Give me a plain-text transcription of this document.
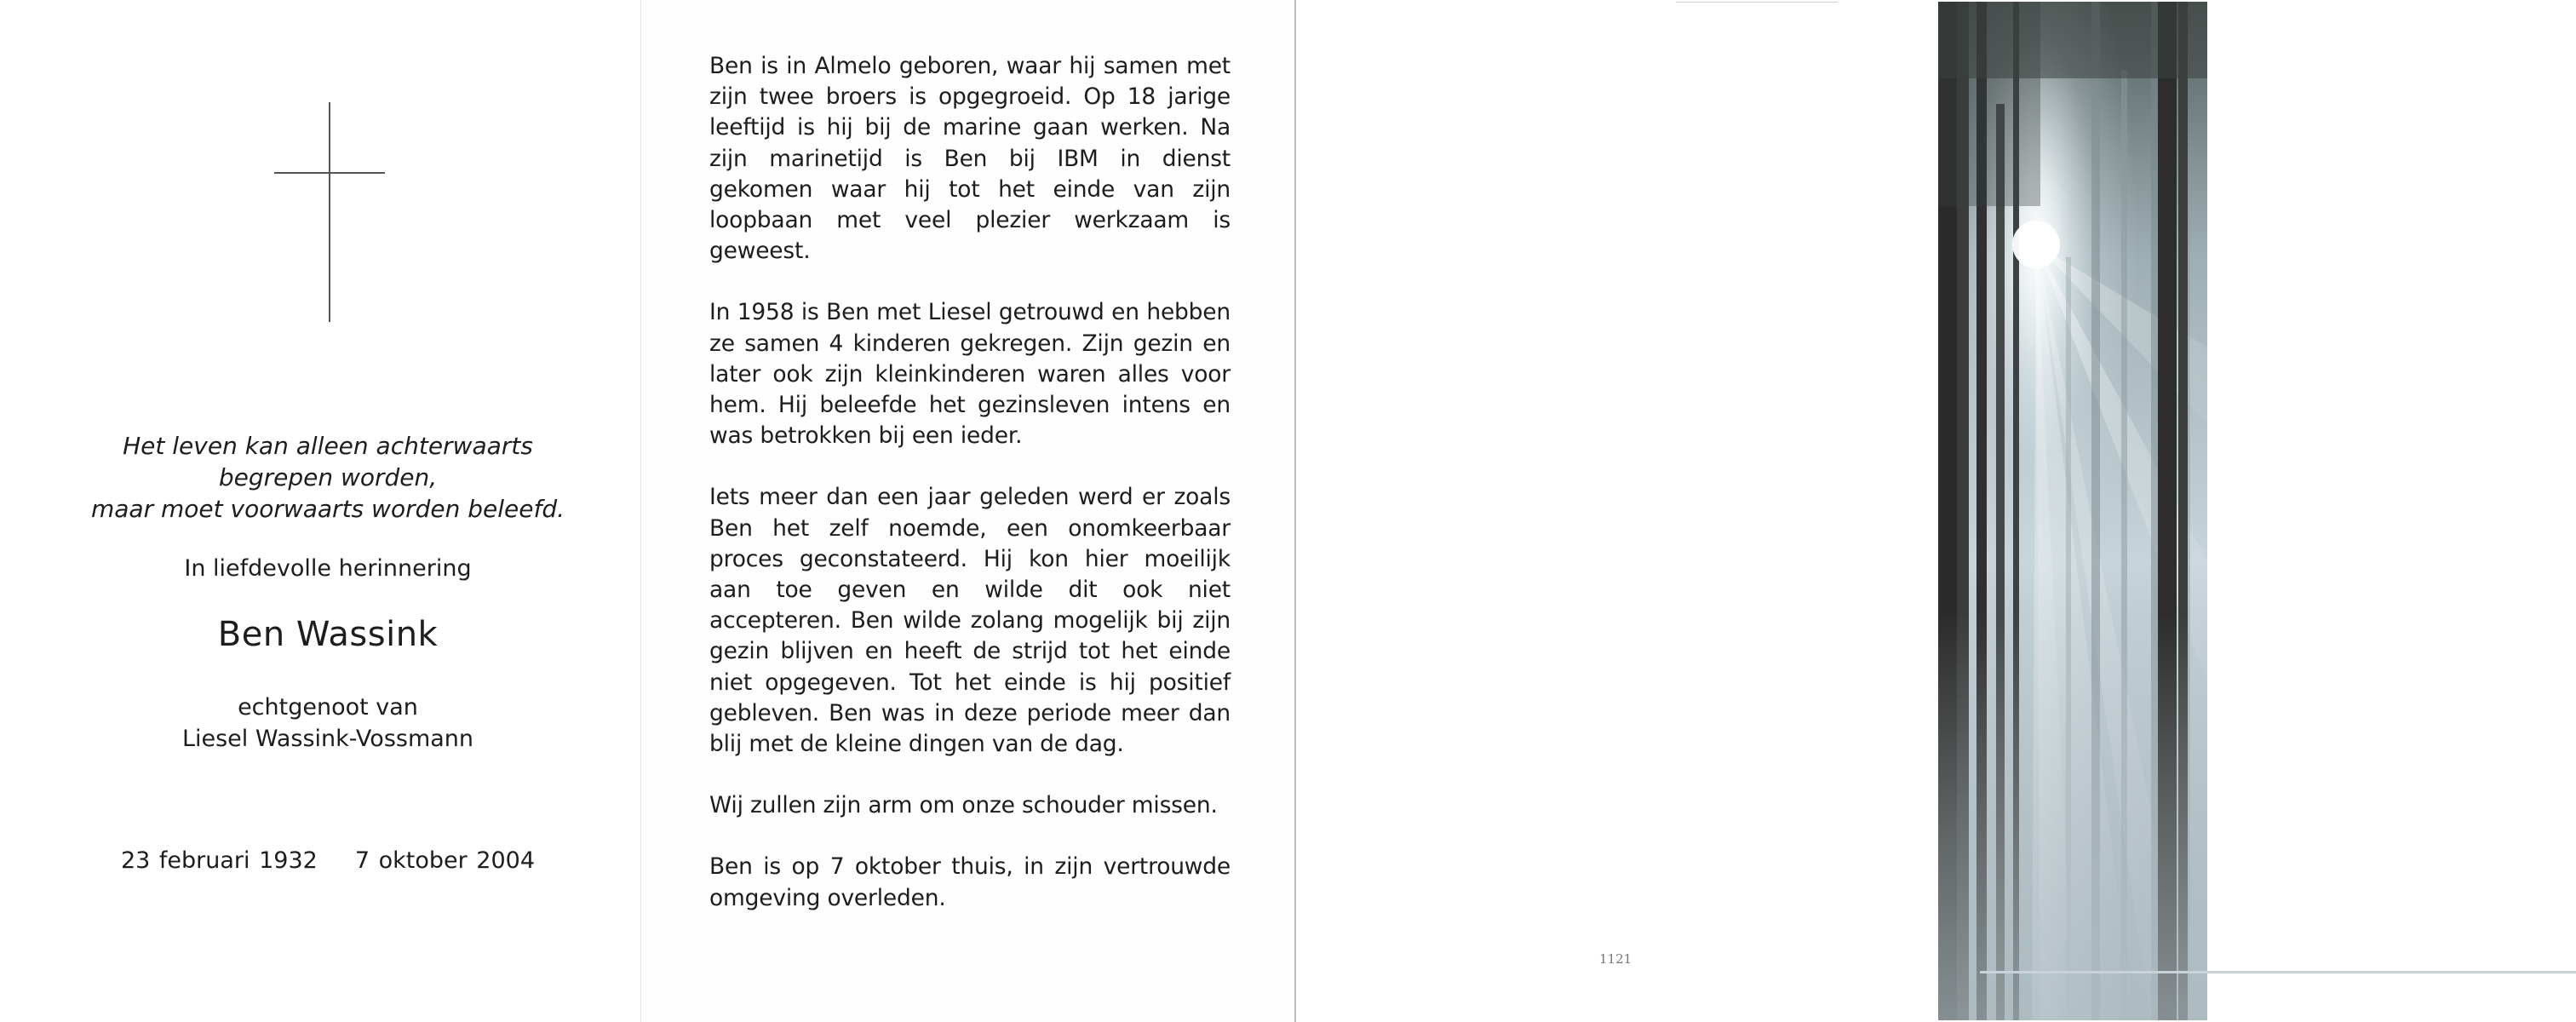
Het leven kan alleen achterwaarts
begrepen worden,
maar moet voorwaarts worden beleefd.
In liefdevolle herinnering
Ben Wassink
echtgenoot van
Liesel Wassink-Vossmann
23 februari 1932 7 oktober 2004

Ben is in Almelo geboren, waar hij samen met zijn twee broers is opgegroeid. Op 18 jarige leeftijd is hij bij de marine gaan werken. Na zijn marinetijd is Ben bij IBM in dienst gekomen waar hij tot het einde van zijn loopbaan met veel plezier werkzaam is geweest.

In 1958 is Ben met Liesel getrouwd en hebben ze samen 4 kinderen gekregen. Zijn gezin en later ook zijn kleinkinderen waren alles voor hem. Hij beleefde het gezinsleven intens en was betrokken bij een ieder.

Iets meer dan een jaar geleden werd er zoals Ben het zelf noemde, een onomkeerbaar proces geconstateerd. Hij kon hier moeilijk aan toe geven en wilde dit ook niet accepteren. Ben wilde zolang mogelijk bij zijn gezin blijven en heeft de strijd tot het einde niet opgegeven. Tot het einde is hij positief gebleven. Ben was in deze periode meer dan blij met de kleine dingen van de dag.

Wij zullen zijn arm om onze schouder missen.

Ben is op 7 oktober thuis, in zijn vertrouwde omgeving overleden.

1121
